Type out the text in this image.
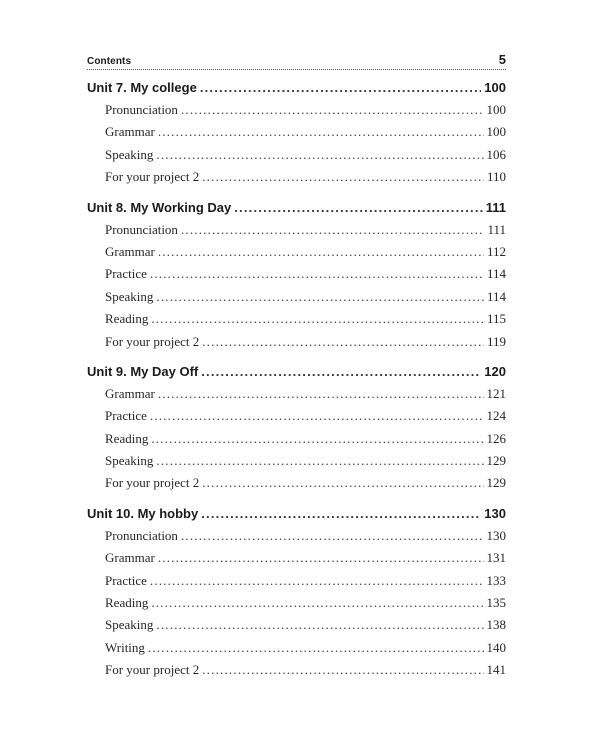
Contents	5
Unit 7. My college .....	100
Pronunciation .....	100
Grammar .....	100
Speaking .....	106
For your project 2 .....	110
Unit 8. My Working Day .....	111
Pronunciation .....	111
Grammar .....	112
Practice .....	114
Speaking .....	114
Reading .....	115
For your project 2 .....	119
Unit 9. My Day Off .....	120
Grammar .....	121
Practice .....	124
Reading .....	126
Speaking .....	129
For your project 2 .....	129
Unit 10. My hobby .....	130
Pronunciation .....	130
Grammar .....	131
Practice .....	133
Reading .....	135
Speaking .....	138
Writing .....	140
For your project 2 .....	141
